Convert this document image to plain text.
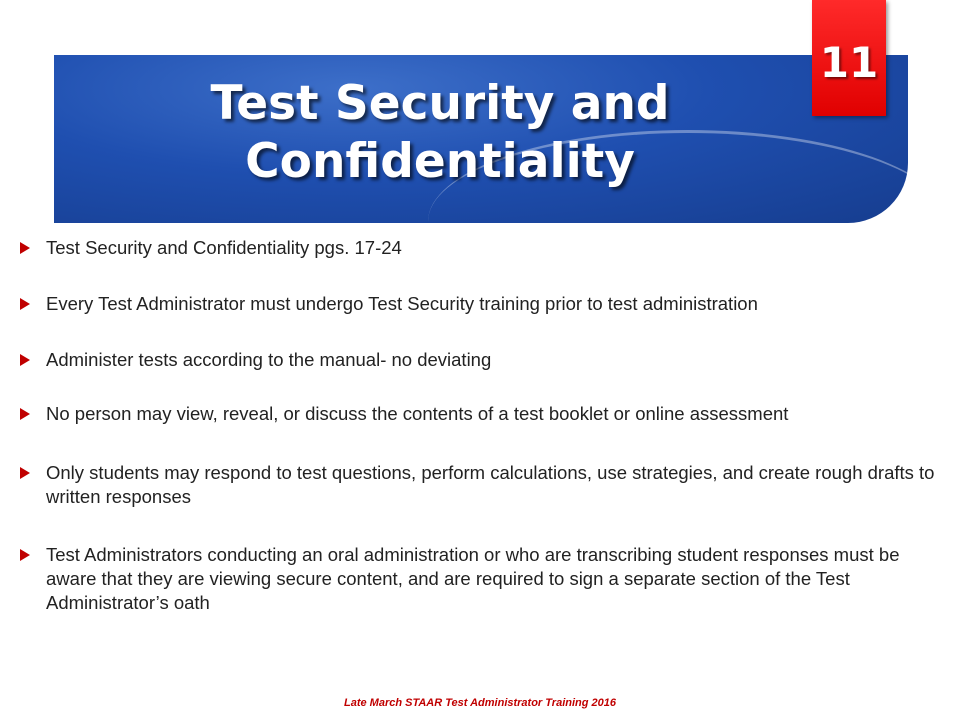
Test Security and
Confidentiality
11
Test Security and Confidentiality pgs. 17-24
Every Test Administrator must undergo Test Security training prior to test administration
Administer tests according to the manual- no deviating
No person may view, reveal, or discuss the contents of a test booklet or online assessment
Only students may respond to test questions, perform calculations, use strategies, and create rough drafts to written responses
Test Administrators conducting an oral administration or who are transcribing student responses must be aware that they are viewing secure content, and are required to sign a separate section of the Test Administrator’s oath
Late March STAAR Test Administrator Training 2016
